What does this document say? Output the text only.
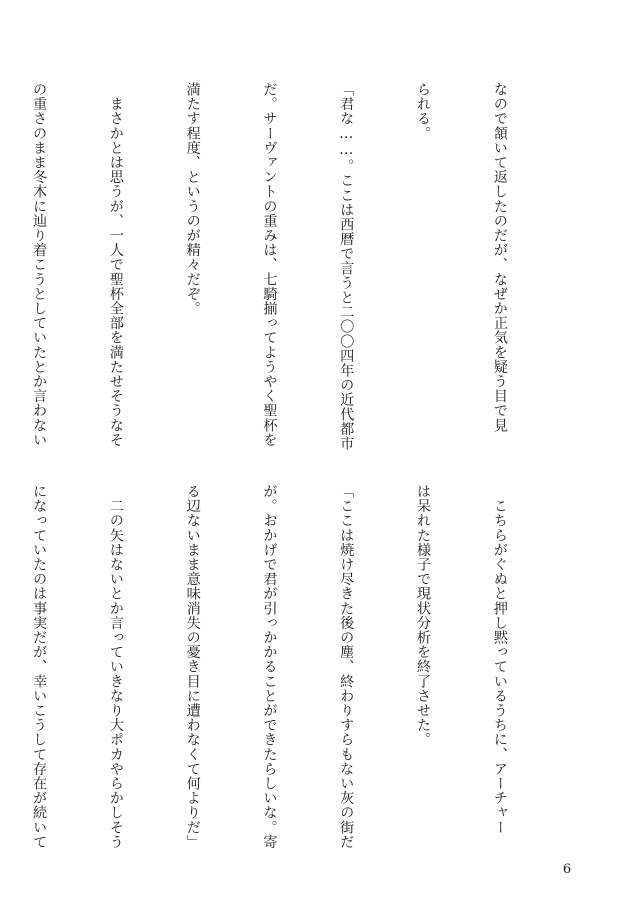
なので頷いて返したのだが、なぜか正気を疑う目で見

られる。

「君な……。ここは西暦で言うと二〇〇四年の近代都市

だ。サーヴァントの重みは、七騎揃ってようやく聖杯を

満たす程度、というのが精々だぞ。

　まさかとは思うが、一人で聖杯全部を満たせそうなそ

の重さのまま冬木に辿り着こうとしていたとか言わない

　こちらがぐぬと押し黙っているうちに、アーチャー

は呆れた様子で現状分析を終了させた。

「ここは焼け尽きた後の塵、終わりすらもない灰の街だ

が。おかげで君が引っかかることができたらしいな。寄

る辺ないまま意味消失の憂き目に遭わなくて何よりだ」

　二の矢はないとか言っていきなり大ポカやらかしそう

になっていたのは事実だが、幸いこうして存在が続いて

6
